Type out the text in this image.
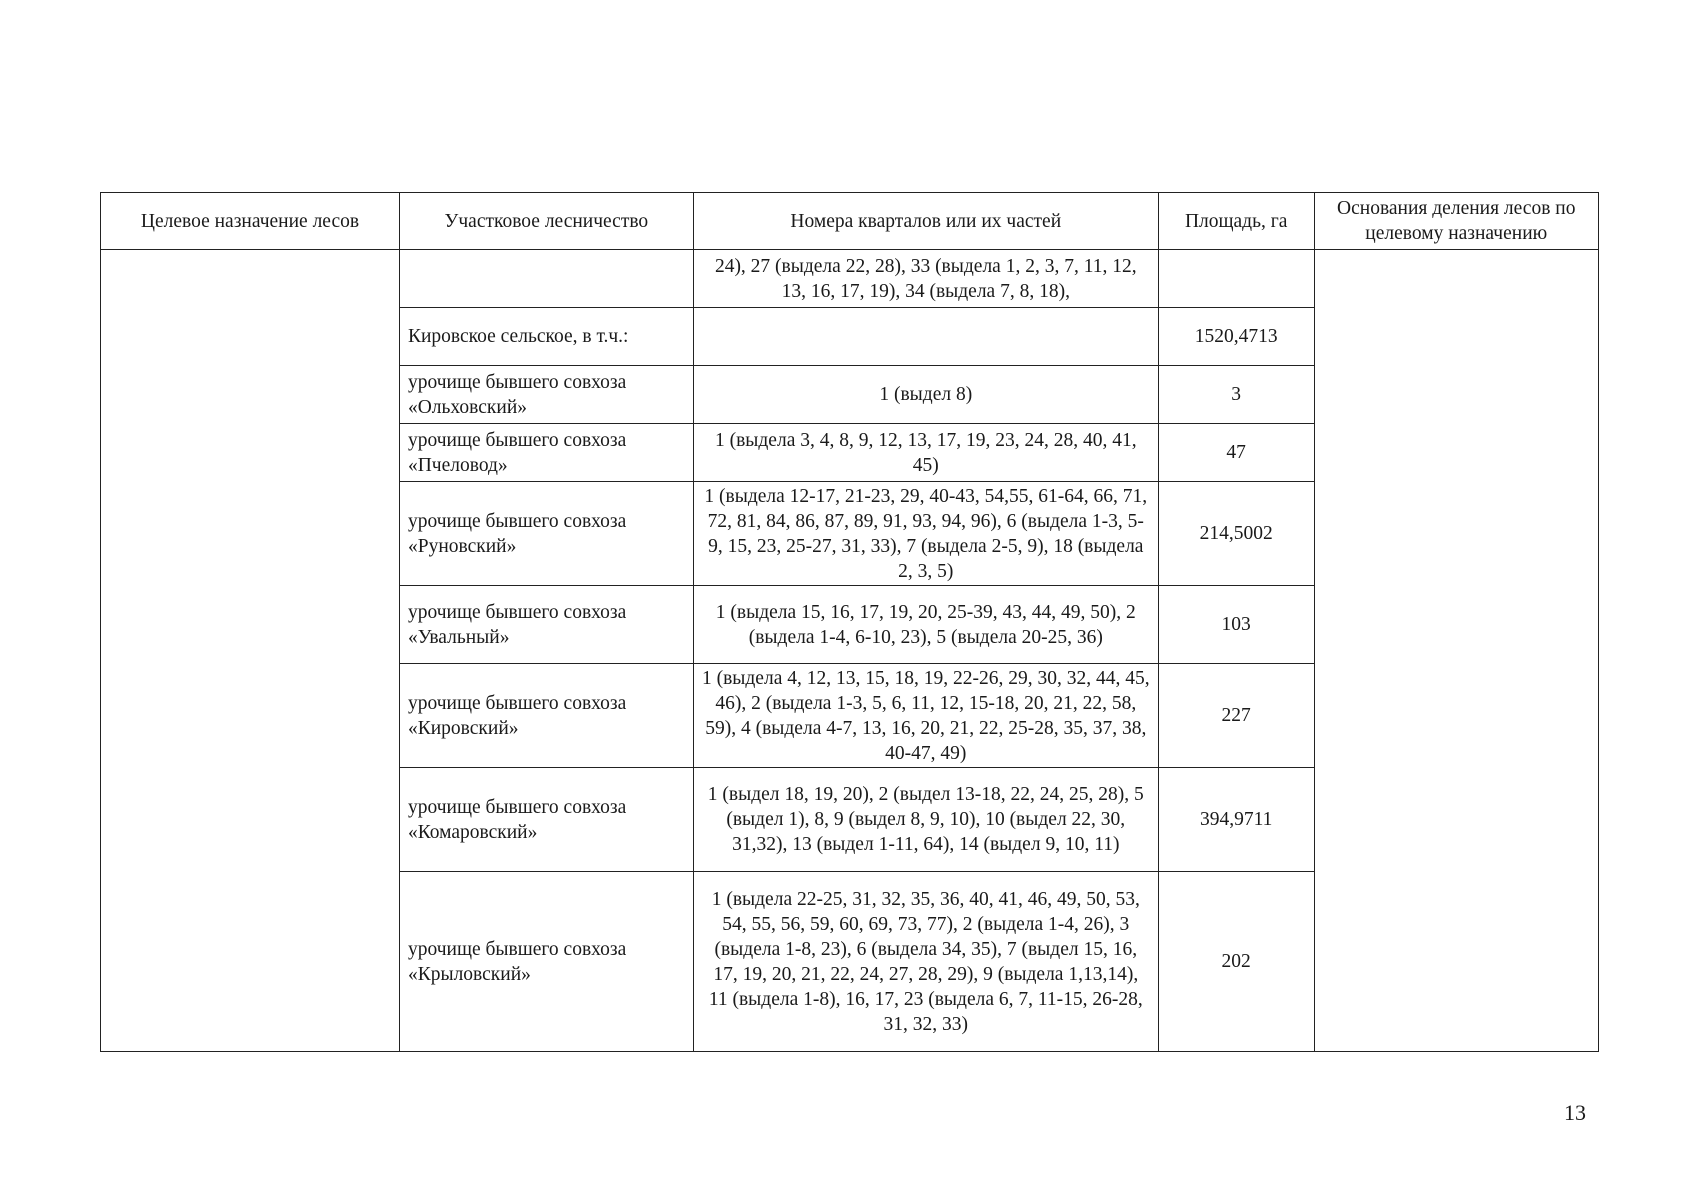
Целевое назначение лесов	Участковое лесничество	Номера кварталов или их частей	Площадь, га	Основания деления лесов по целевому назначению
		24), 27 (выдела 22, 28), 33 (выдела 1, 2, 3, 7, 11, 12, 13, 16, 17, 19), 34 (выдела 7, 8, 18),		
	Кировское сельское, в т.ч.:		1520,4713	
	урочище бывшего совхоза «Ольховский»	1 (выдел 8)	3	
	урочище бывшего совхоза «Пчеловод»	1 (выдела 3, 4, 8, 9, 12, 13, 17, 19, 23, 24, 28, 40, 41, 45)	47	
	урочище бывшего совхоза «Руновский»	1 (выдела 12-17, 21-23, 29, 40-43, 54,55, 61-64, 66, 71, 72, 81, 84, 86, 87, 89, 91, 93, 94, 96), 6 (выдела 1-3, 5-9, 15, 23, 25-27, 31, 33), 7 (выдела 2-5, 9), 18 (выдела 2, 3, 5)	214,5002	
	урочище бывшего совхоза «Увальный»	1 (выдела 15, 16, 17, 19, 20, 25-39, 43, 44, 49, 50), 2 (выдела 1-4, 6-10, 23), 5 (выдела 20-25, 36)	103	
	урочище бывшего совхоза «Кировский»	1 (выдела 4, 12, 13, 15, 18, 19, 22-26, 29, 30, 32, 44, 45, 46), 2 (выдела 1-3, 5, 6, 11, 12, 15-18, 20, 21, 22, 58, 59), 4 (выдела 4-7, 13, 16, 20, 21, 22, 25-28, 35, 37, 38, 40-47, 49)	227	
	урочище бывшего совхоза «Комаровский»	1 (выдел 18, 19, 20), 2 (выдел 13-18, 22, 24, 25, 28), 5 (выдел 1), 8, 9 (выдел 8, 9, 10), 10 (выдел 22, 30, 31,32), 13 (выдел 1-11, 64), 14 (выдел 9, 10, 11)	394,9711	
	урочище бывшего совхоза «Крыловский»	1 (выдела 22-25, 31, 32, 35, 36, 40, 41, 46, 49, 50, 53, 54, 55, 56, 59, 60, 69, 73, 77), 2 (выдела 1-4, 26), 3 (выдела 1-8, 23), 6 (выдела 34, 35), 7 (выдел 15, 16, 17, 19, 20, 21, 22, 24, 27, 28, 29), 9 (выдела 1,13,14), 11 (выдела 1-8), 16, 17, 23 (выдела 6, 7, 11-15, 26-28, 31, 32, 33)	202	
13
